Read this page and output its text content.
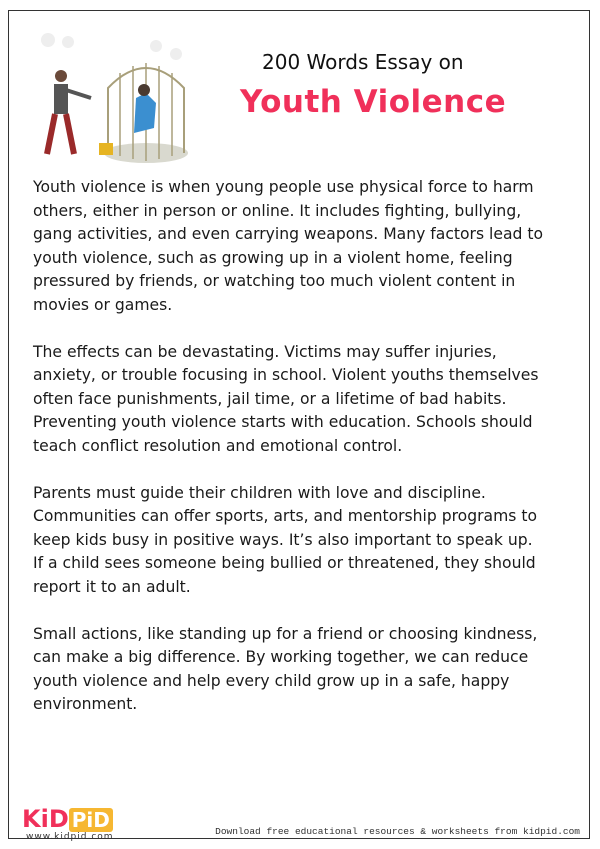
200 Words Essay on
Youth Violence

Youth violence is when young people use physical force to harm
others, either in person or online. It includes fighting, bullying,
gang activities, and even carrying weapons. Many factors lead to
youth violence, such as growing up in a violent home, feeling
pressured by friends, or watching too much violent content in
movies or games.

The effects can be devastating. Victims may suffer injuries,
anxiety, or trouble focusing in school. Violent youths themselves
often face punishments, jail time, or a lifetime of bad habits.
Preventing youth violence starts with education. Schools should
teach conflict resolution and emotional control.

Parents must guide their children with love and discipline.
Communities can offer sports, arts, and mentorship programs to
keep kids busy in positive ways. It’s also important to speak up.
If a child sees someone being bullied or threatened, they should
report it to an adult.

Small actions, like standing up for a friend or choosing kindness,
can make a big difference. By working together, we can reduce
youth violence and help every child grow up in a safe, happy
environment.

KiD PiD
www.kidpid.com	Download free educational resources & worksheets from kidpid.com
